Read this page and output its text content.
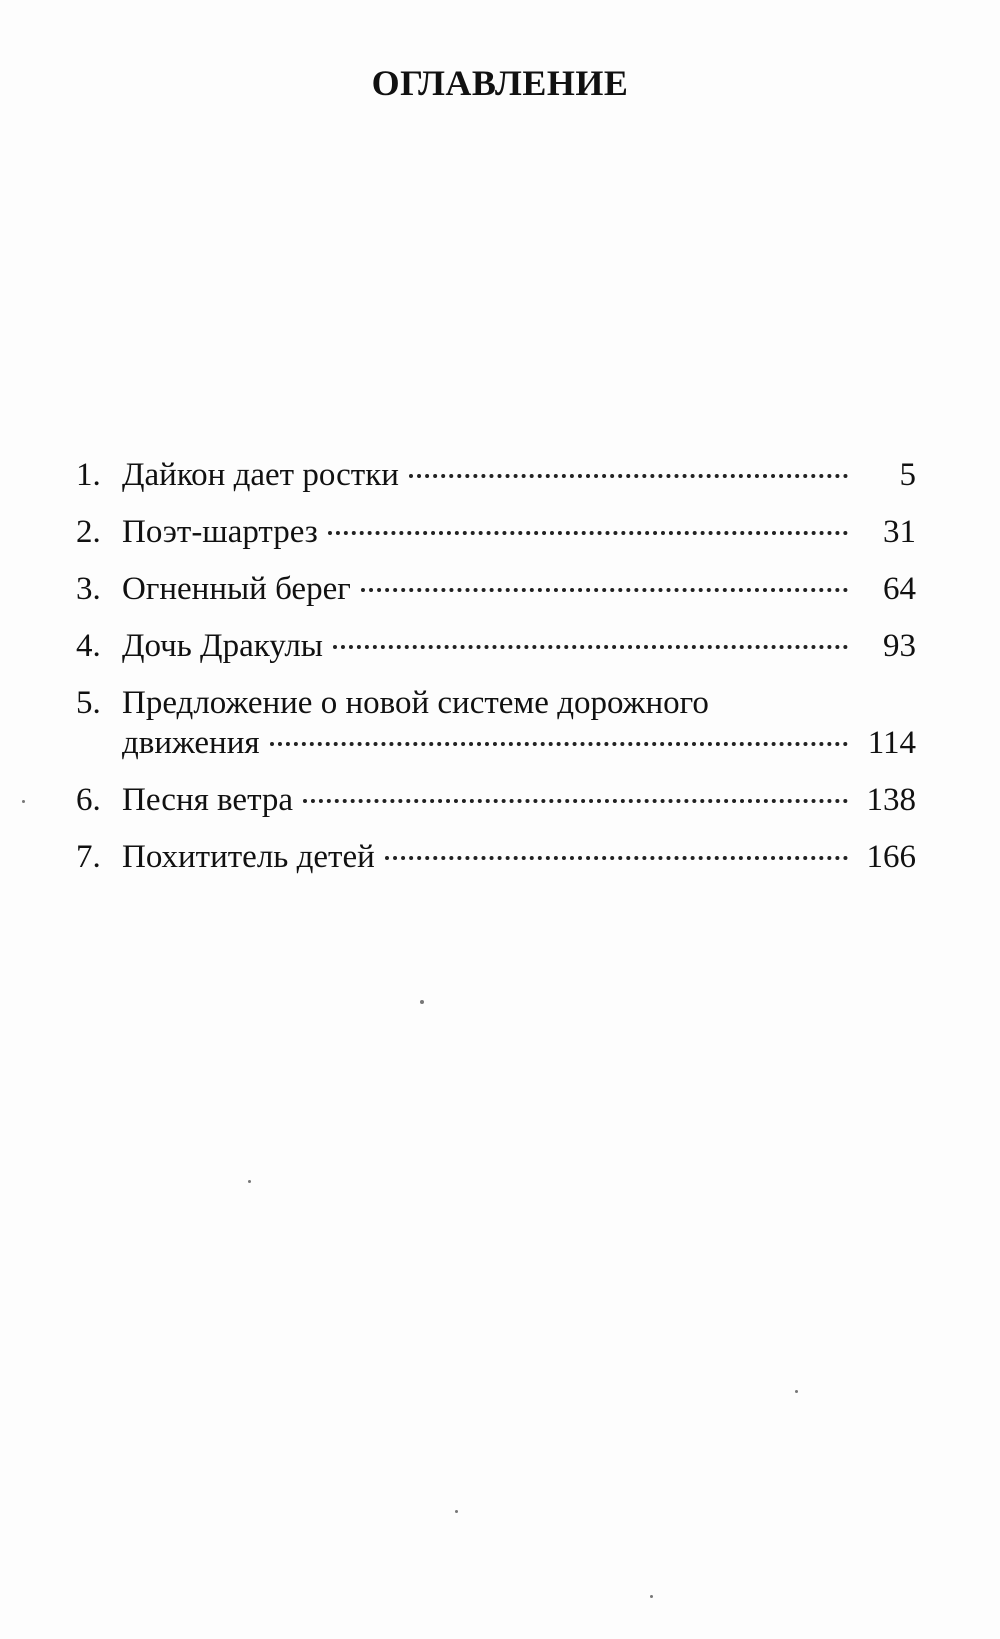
ОГЛАВЛЕНИЕ
1. Дайкон дает ростки	5
2. Поэт-шартрез	31
3. Огненный берег	64
4. Дочь Дракулы	93
5. Предложение о новой системе дорожного
движения	114
6. Песня ветра	138
7. Похититель детей	166
